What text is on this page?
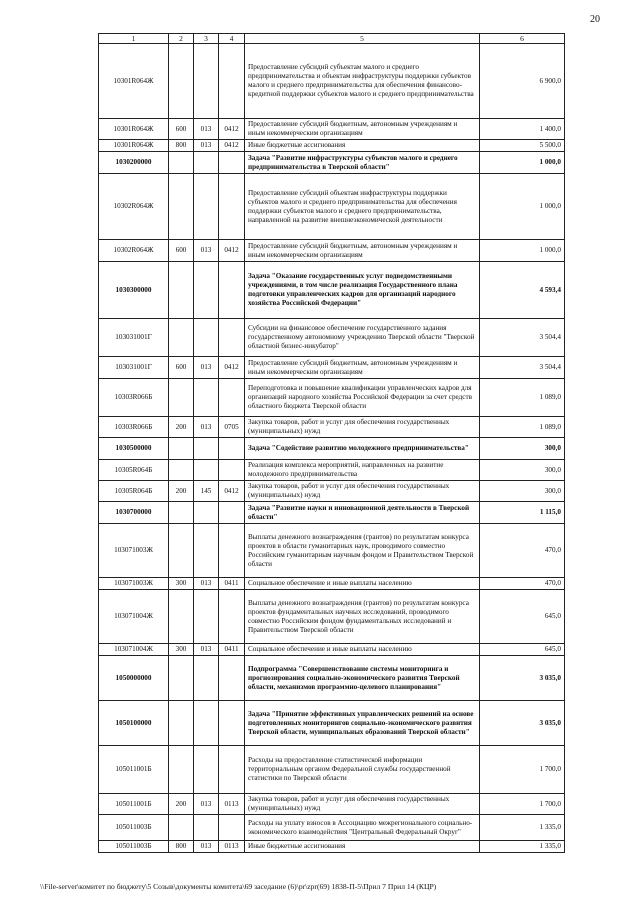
20
1	2	3	4	5	6
10301R064Ж				Предоставление субсидий субъектам малого и среднего предпринимательства и объектам инфраструктуры поддержки субъектов малого и среднего предпринимательства для обеспечения финансово-кредитной поддержки субъектов малого и среднего предпринимательства	6 900,0
10301R064Ж	600	013	0412	Предоставление субсидий бюджетным, автономным учреждениям и иным некоммерческим организациям	1 400,0
10301R064Ж	800	013	0412	Иные бюджетные ассигнования	5 500,0
1030200000				Задача "Развитие инфраструктуры субъектов малого и среднего предпринимательства в Тверской области"	1 000,0
10302R064Ж				Предоставление субсидий объектам инфраструктуры поддержки субъектов малого и среднего предпринимательства для обеспечения поддержки субъектов малого и среднего предпринимательства, направленной на развитие внешнеэкономической деятельности	1 000,0
10302R064Ж	600	013	0412	Предоставление субсидий бюджетным, автономным учреждениям и иным некоммерческим организациям	1 000,0
1030300000				Задача "Оказание государственных услуг подведомственными учреждениями, в том числе реализация Государственного плана подготовки управленческих кадров для организаций народного хозяйства Российской Федерации"	4 593,4
103031001Г				Субсидии на финансовое обеспечение государственного задания государственному автономному учреждению Тверской области "Тверской областной бизнес-инкубатор"	3 504,4
103031001Г	600	013	0412	Предоставление субсидий бюджетным, автономным учреждениям и иным некоммерческим организациям	3 504,4
10303R066Б				Переподготовка и повышение квалификации управленческих кадров для организаций народного хозяйства Российской Федерации за счет средств областного бюджета Тверской области	1 089,0
10303R066Б	200	013	0705	Закупка товаров, работ и услуг для обеспечения государственных (муниципальных) нужд	1 089,0
1030500000				Задача "Содействие развитию молодежного предпринимательства"	300,0
10305R064Б				Реализация комплекса мероприятий, направленных на развитие молодежного предпринимательства	300,0
10305R064Б	200	145	0412	Закупка товаров, работ и услуг для обеспечения государственных (муниципальных) нужд	300,0
1030700000				Задача "Развитие науки и инновационной деятельности в Тверской области"	1 115,0
103071003Ж				Выплаты денежного вознаграждения (грантов) по результатам конкурса проектов в области гуманитарных наук, проводимого совместно Российским гуманитарным научным фондом и Правительством Тверской области	470,0
103071003Ж	300	013	0411	Социальное обеспечение и иные выплаты населению	470,0
103071004Ж				Выплаты денежного вознаграждения (грантов) по результатам конкурса проектов фундаментальных научных исследований, проводимого совместно Российским фондом фундаментальных исследований и Правительством Тверской области	645,0
103071004Ж	300	013	0411	Социальное обеспечение и иные выплаты населению	645,0
1050000000				Подпрограмма "Совершенствование системы мониторинга и прогнозирования социально-экономического развития Тверской области, механизмов программно-целевого планирования"	3 035,0
1050100000				Задача "Принятие эффективных управленческих решений на основе подготовленных мониторингов социально-экономического развития Тверской области, муниципальных образований Тверской области"	3 035,0
105011001Б				Расходы на предоставление статистической информации территориальным органом Федеральной службы государственной статистики по Тверской области	1 700,0
105011001Б	200	013	0113	Закупка товаров, работ и услуг для обеспечения государственных (муниципальных) нужд	1 700,0
105011003Б				Расходы на уплату взносов в Ассоциацию межрегионального социально-экономического взаимодействия "Центральный Федеральный Округ"	1 335,0
105011003Б	800	013	0113	Иные бюджетные ассигнования	1 335,0
\\File-server\комитет по бюджету\5 Созыв\документы комитета\69 заседание (6)\pr\zpr(69) 1838-П-5\Прил 7 Прил 14 (КЦР)
